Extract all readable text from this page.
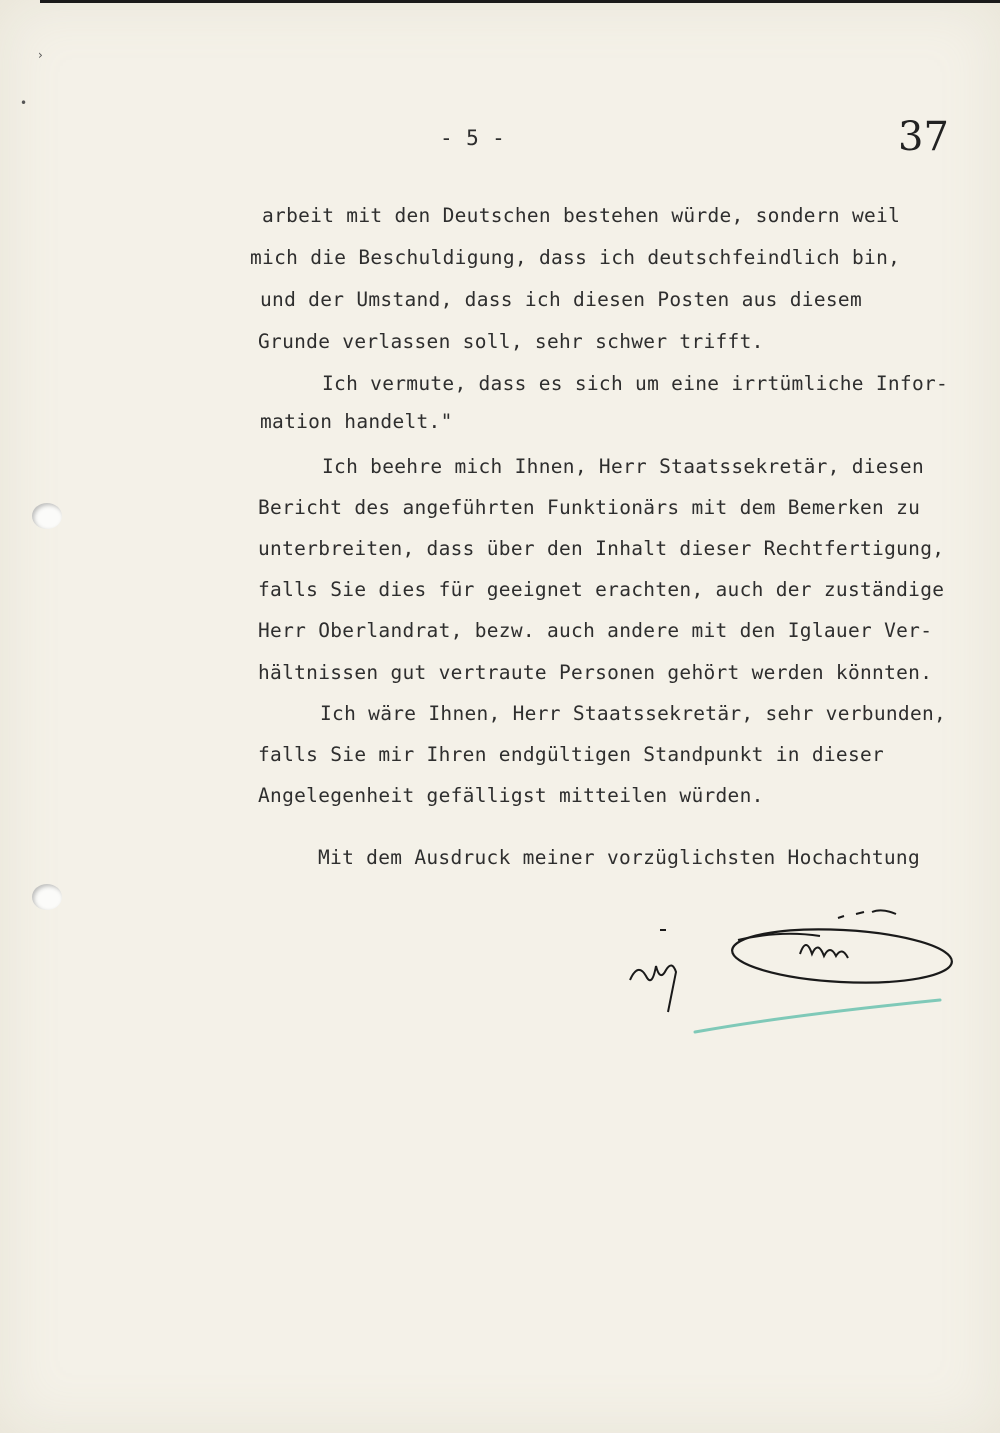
›
•
- 5 -	37
arbeit mit den Deutschen bestehen würde, sondern weil
mich die Beschuldigung, dass ich deutschfeindlich bin,
und der Umstand, dass ich diesen Posten aus diesem
Grunde verlassen soll, sehr schwer trifft.
Ich vermute, dass es sich um eine irrtümliche Infor-
mation handelt."
Ich beehre mich Ihnen, Herr Staatssekretär, diesen
Bericht des angeführten Funktionärs mit dem Bemerken zu
unterbreiten, dass über den Inhalt dieser Rechtfertigung,
falls Sie dies für geeignet erachten, auch der zuständige
Herr Oberlandrat, bezw. auch andere mit den Iglauer Ver-
hältnissen gut vertraute Personen gehört werden könnten.
Ich wäre Ihnen, Herr Staatssekretär, sehr verbunden,
falls Sie mir Ihren endgültigen Standpunkt in dieser
Angelegenheit gefälligst mitteilen würden.
Mit dem Ausdruck meiner vorzüglichsten Hochachtung
